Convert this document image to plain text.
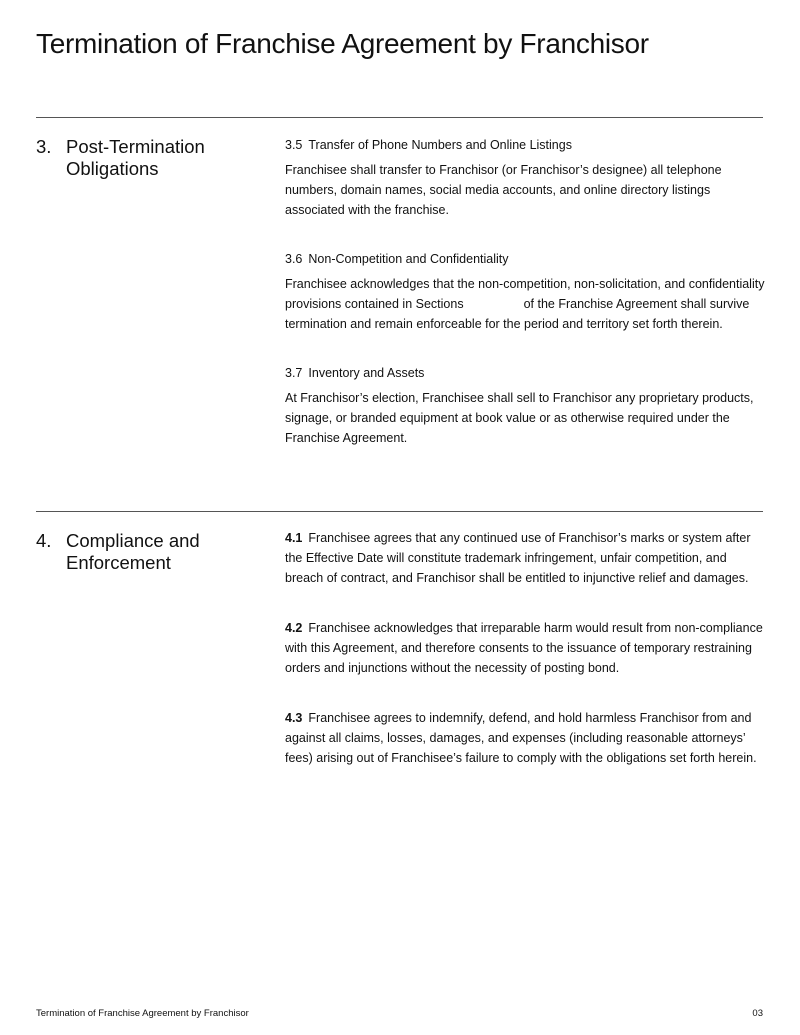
Termination of Franchise Agreement by Franchisor
3. Post-Termination Obligations
3.5 Transfer of Phone Numbers and Online Listings

Franchisee shall transfer to Franchisor (or Franchisor’s designee) all telephone numbers, domain names, social media accounts, and online directory listings associated with the franchise.

3.6 Non-Competition and Confidentiality

Franchisee acknowledges that the non-competition, non-solicitation, and confidentiality provisions contained in Sections	of the Franchise Agreement shall survive termination and remain enforceable for the period and territory set forth therein.

3.7 Inventory and Assets

At Franchisor’s election, Franchisee shall sell to Franchisor any proprietary products, signage, or branded equipment at book value or as otherwise required under the Franchise Agreement.

4. Compliance and Enforcement

4.1 Franchisee agrees that any continued use of Franchisor’s marks or system after the Effective Date will constitute trademark infringement, unfair competition, and breach of contract, and Franchisor shall be entitled to injunctive relief and damages.

4.2 Franchisee acknowledges that irreparable harm would result from non-compliance with this Agreement, and therefore consents to the issuance of temporary restraining orders and injunctions without the necessity of posting bond.

4.3 Franchisee agrees to indemnify, defend, and hold harmless Franchisor from and against all claims, losses, damages, and expenses (including reasonable attorneys’ fees) arising out of Franchisee’s failure to comply with the obligations set forth herein.

Termination of Franchise Agreement by Franchisor	03
